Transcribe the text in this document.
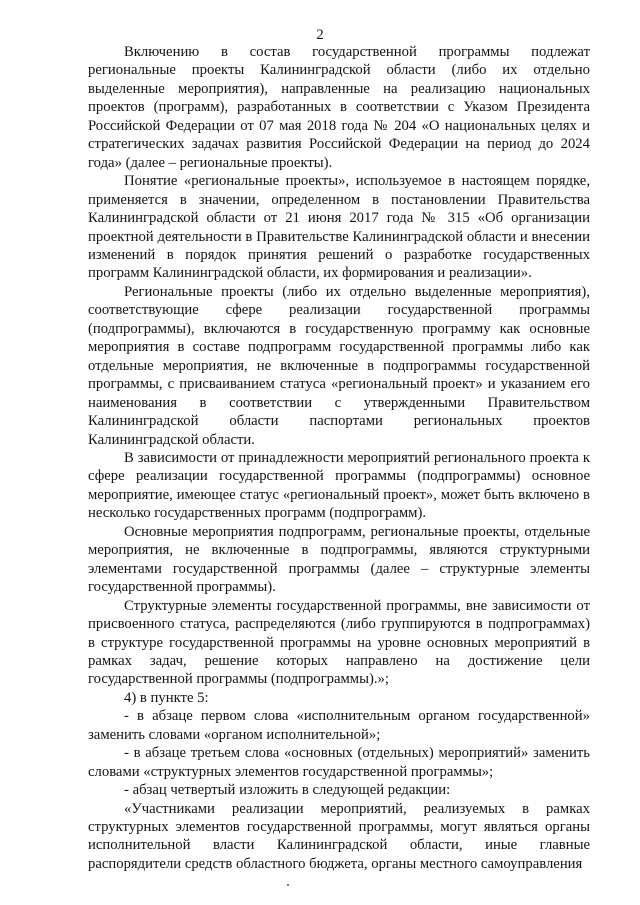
2

Включению в состав государственной программы подлежат региональные проекты Калининградской области (либо их отдельно выделенные мероприятия), направленные на реализацию национальных проектов (программ), разработанных в соответствии с Указом Президента Российской Федерации от 07 мая 2018 года № 204 «О национальных целях и стратегических задачах развития Российской Федерации на период до 2024 года» (далее – региональные проекты).

Понятие «региональные проекты», используемое в настоящем порядке, применяется в значении, определенном в постановлении Правительства Калининградской области от 21 июня 2017 года № 315 «Об организации проектной деятельности в Правительстве Калининградской области и внесении изменений в порядок принятия решений о разработке государственных программ Калининградской области, их формирования и реализации».

Региональные проекты (либо их отдельно выделенные мероприятия), соответствующие сфере реализации государственной программы (подпрограммы), включаются в государственную программу как основные мероприятия в составе подпрограмм государственной программы либо как отдельные мероприятия, не включенные в подпрограммы государственной программы, с присваиванием статуса «региональный проект» и указанием его наименования в соответствии с утвержденными Правительством Калининградской области паспортами региональных проектов Калининградской области.

В зависимости от принадлежности мероприятий регионального проекта к сфере реализации государственной программы (подпрограммы) основное мероприятие, имеющее статус «региональный проект», может быть включено в несколько государственных программ (подпрограмм).

Основные мероприятия подпрограмм, региональные проекты, отдельные мероприятия, не включенные в подпрограммы, являются структурными элементами государственной программы (далее – структурные элементы государственной программы).

Структурные элементы государственной программы, вне зависимости от присвоенного статуса, распределяются (либо группируются в подпрограммах) в структуре государственной программы на уровне основных мероприятий в рамках задач, решение которых направлено на достижение цели государственной программы (подпрограммы).»;

4) в пункте 5:

- в абзаце первом слова «исполнительным органом государственной» заменить словами «органом исполнительной»;

- в абзаце третьем слова «основных (отдельных) мероприятий» заменить словами «структурных элементов государственной программы»;

- абзац четвертый изложить в следующей редакции:

«Участниками реализации мероприятий, реализуемых в рамках структурных элементов государственной программы, могут являться органы исполнительной власти Калининградской области, иные главные распорядители средств областного бюджета, органы местного самоуправления
